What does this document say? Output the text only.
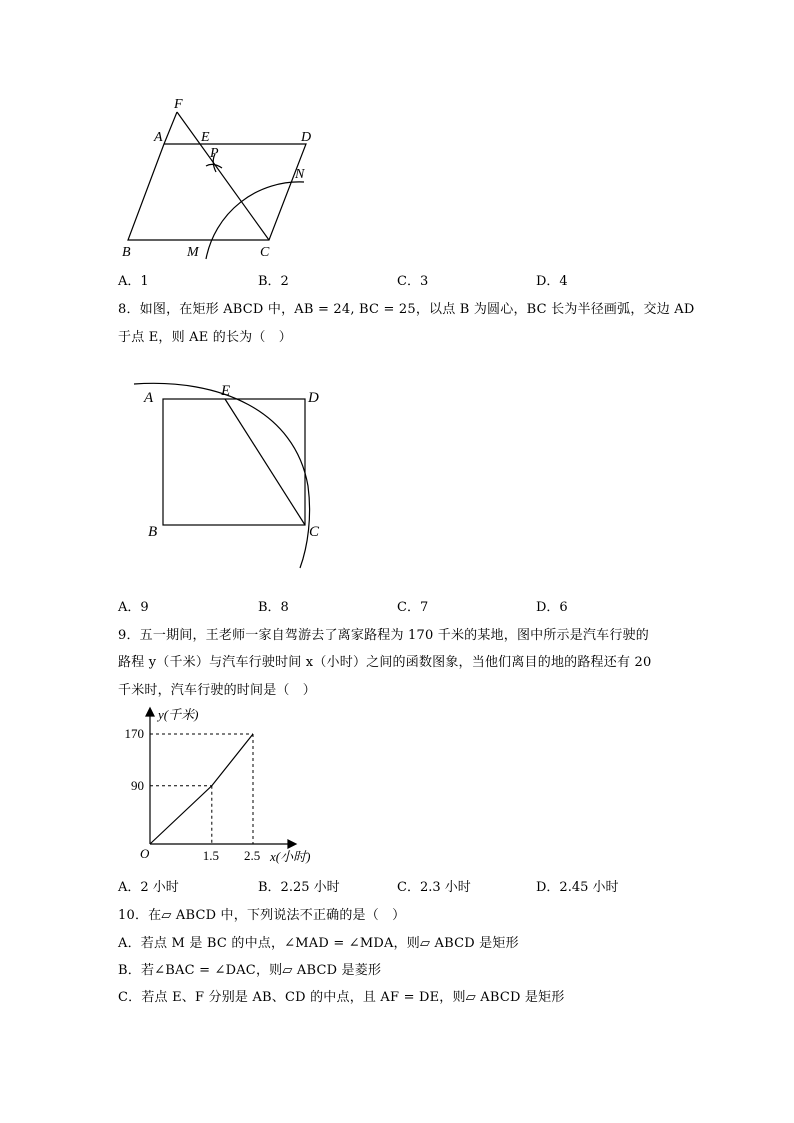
F
A	E	D
P
N
B	M	C
A．1	B．2	C．3	D．4
8．如图，在矩形 ABCD 中，AB = 24, BC = 25，以点 B 为圆心，BC 长为半径画弧，交边 AD
于点 E，则 AE 的长为（　）
A	E	D
B	C
A．9	B．8	C．7	D．6
9．五一期间，王老师一家自驾游去了离家路程为 170 千米的某地，图中所示是汽车行驶的
路程 y（千米）与汽车行驶时间 x（小时）之间的函数图象，当他们离目的地的路程还有 20
千米时，汽车行驶的时间是（　）
1.5 2.5
90
170
y(千米)
x(小时)
O
A．2 小时	B．2.25 小时	C．2.3 小时	D．2.45 小时
10．在▱ ABCD 中，下列说法不正确的是（　）
A．若点 M 是 BC 的中点，∠MAD = ∠MDA，则▱ ABCD 是矩形
B．若∠BAC = ∠DAC，则▱ ABCD 是菱形
C．若点 E、F 分别是 AB、CD 的中点，且 AF = DE，则▱ ABCD 是矩形
